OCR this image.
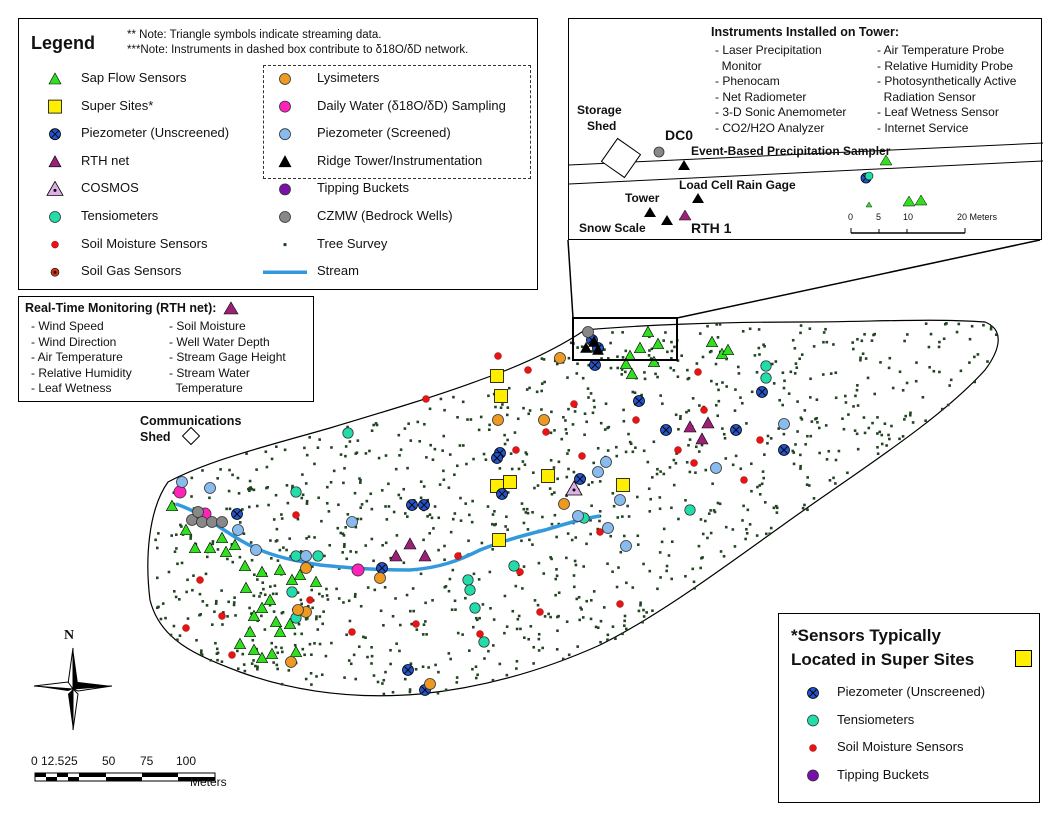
Legend	** Note: Triangle symbols indicate streaming data.
***Note: Instruments in dashed box contribute to δ18O/δD network.
Sap Flow Sensors
Super Sites*
Piezometer (Unscreened)
RTH net
COSMOS
Tensiometers
Soil Moisture Sensors
Soil Gas Sensors
Lysimeters
Daily Water (δ18O/δD) Sampling
Piezometer (Screened)
Ridge Tower/Instrumentation
Tipping Buckets
CZMW (Bedrock Wells)
Tree Survey
Stream
Real-Time Monitoring (RTH net):
- Wind Speed
- Wind Direction
- Air Temperature
- Relative Humidity
- Leaf Wetness
- Soil Moisture
- Well Water Depth
- Stream Gage Height
- Stream Water
Temperature
Instruments Installed on Tower:
- Laser Precipitation
Monitor
- Phenocam
- Net Radiometer
- 3-D Sonic Anemometer
- CO2/H2O Analyzer
- Air Temperature Probe
- Relative Humidity Probe
- Photosynthetically Active
Radiation Sensor
- Leaf Wetness Sensor
- Internet Service
Storage
Shed
DC0
Event-Based Precipitation Sampler
Load Cell Rain Gage
Tower
Snow Scale	RTH 1
0	5 10	20 Meters
Communications
Shed
*Sensors Typically
Located in Super Sites
Piezometer (Unscreened)
Tensiometers
Soil Moisture Sensors
Tipping Buckets
N
0 12.525 50 75 100
Meters
